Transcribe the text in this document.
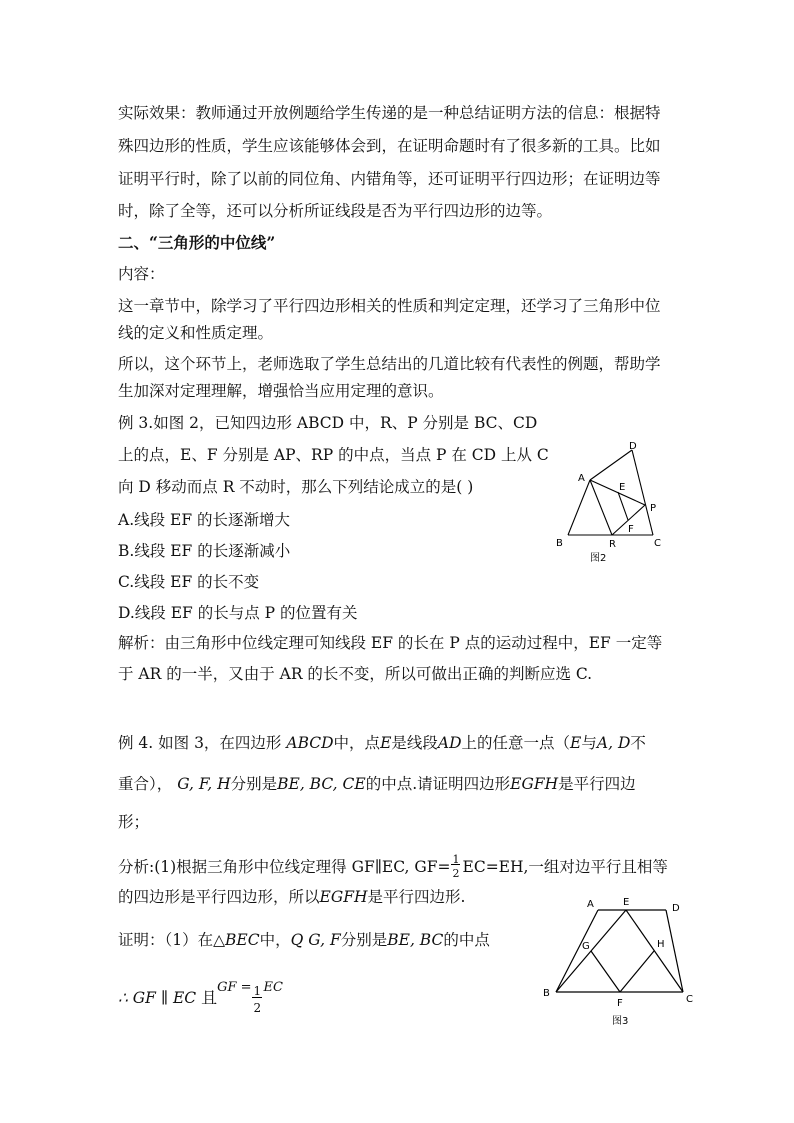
实际效果：教师通过开放例题给学生传递的是一种总结证明方法的信息：根据特
殊四边形的性质，学生应该能够体会到，在证明命题时有了很多新的工具。比如
证明平行时，除了以前的同位角、内错角等，还可证明平行四边形；在证明边等
时，除了全等，还可以分析所证线段是否为平行四边形的边等。
二、“三角形的中位线”
内容：
这一章节中，除学习了平行四边形相关的性质和判定定理，还学习了三角形中位
线的定义和性质定理。
所以，这个环节上，老师选取了学生总结出的几道比较有代表性的例题，帮助学
生加深对定理理解，增强恰当应用定理的意识。
例 3.如图 2，已知四边形 ABCD 中，R、P 分别是 BC、CD
上的点，E、F 分别是 AP、RP 的中点，当点 P 在 CD 上从 C
向 D 移动而点 R 不动时，那么下列结论成立的是( )
A.线段 EF 的长逐渐增大
B.线段 EF 的长逐渐减小
C.线段 EF 的长不变
D.线段 EF 的长与点 P 的位置有关
解析：由三角形中位线定理可知线段 EF 的长在 P 点的运动过程中，EF 一定等
于 AR 的一半，又由于 AR 的长不变，所以可做出正确的判断应选 C.
D
A
E
P
F
B	R	C
图2
例 4. 如图 3，在四边形 ABCD中，点E是线段AD上的任意一点（E与A, D不
重合）， G, F, H分别是BE, BC, CE的中点.请证明四边形EGFH是平行四边
形；
分析:(1)根据三角形中位线定理得 GF∥EC, GF= 1
2 EC=EH,一组对边平行且相等
的四边形是平行四边形，所以EGFH是平行四边形.
证明：（1）在△BEC中，Q G, F分别是BE, BC的中点
∴ GF ∥ EC 且$^{GF =}$
$\frac{1}{2}$
$^{EC}$
A	E
D
G	H
B
F	C
图3
